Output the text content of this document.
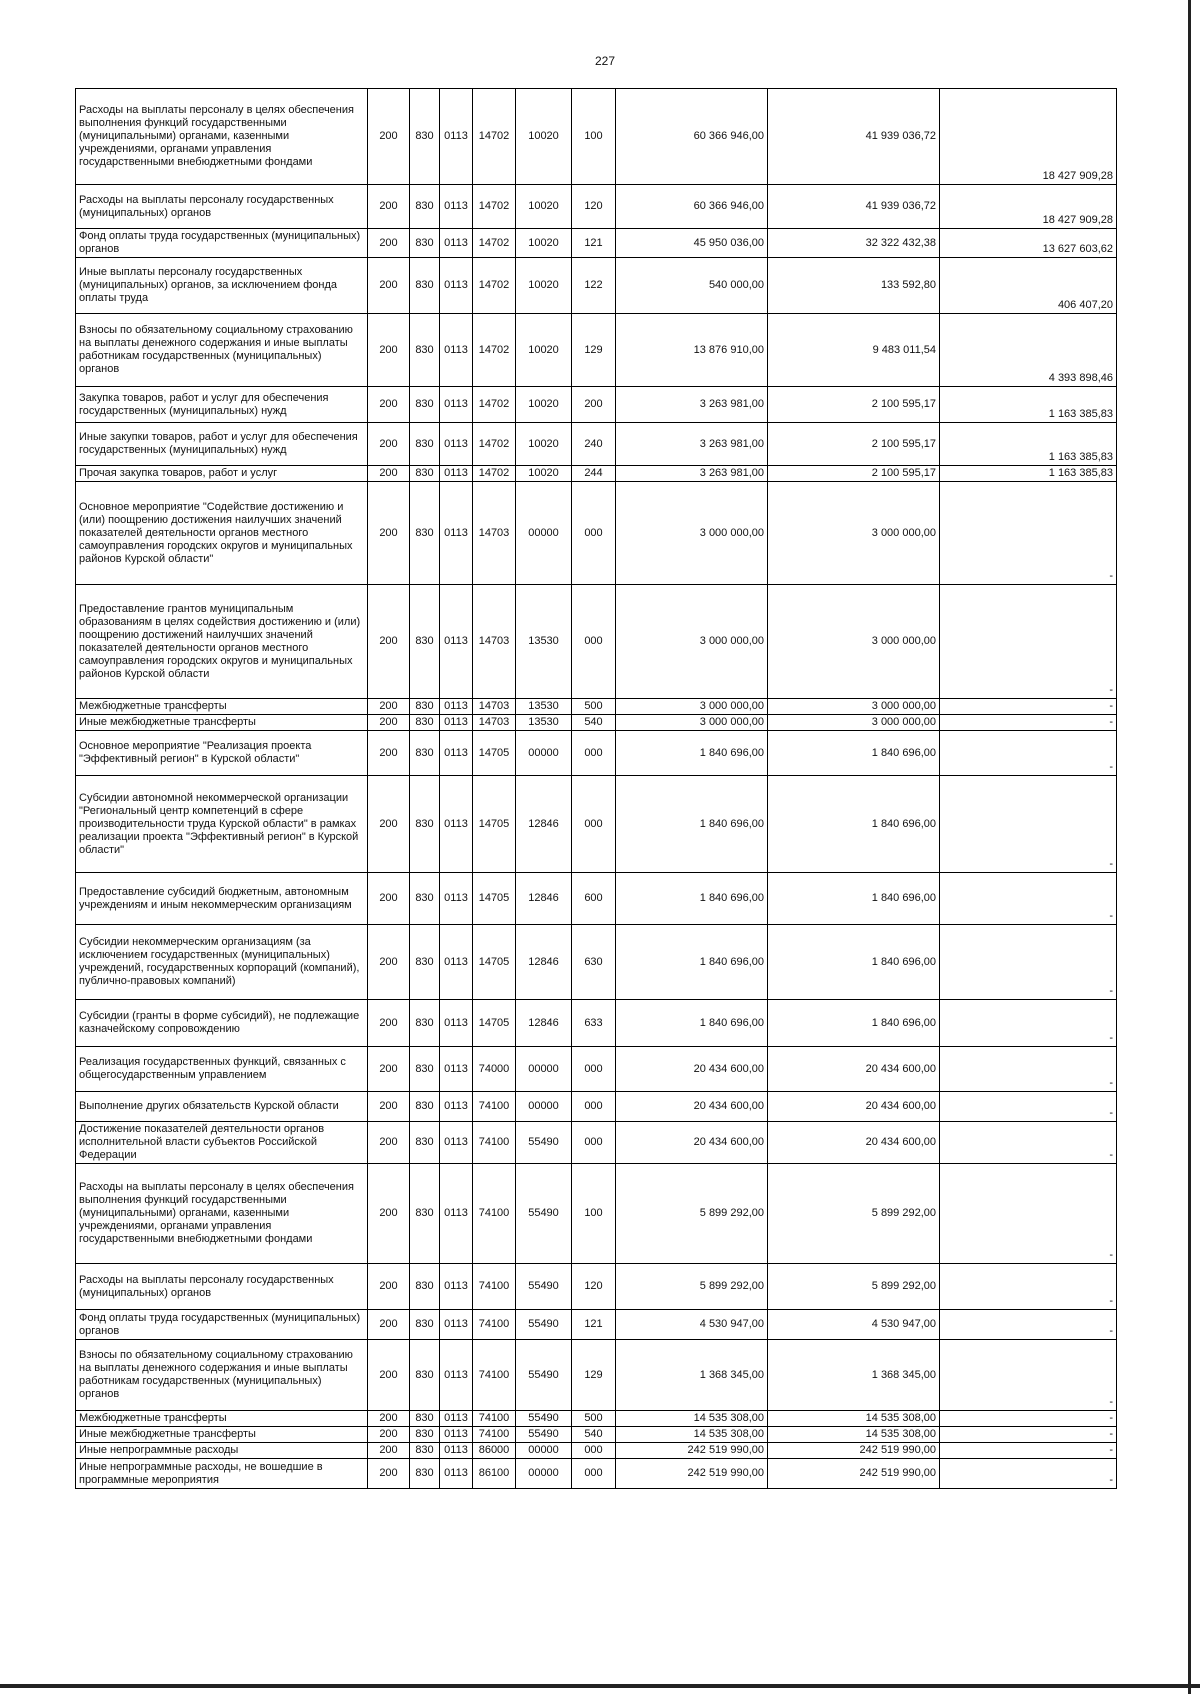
227
Расходы на выплаты персоналу в целях обеспечения выполнения функций государственными (муниципальными) органами, казенными учреждениями, органами управления государственными внебюджетными фондами	200	830	0113	14702	10020	100	60 366 946,00	41 939 036,72	18 427 909,28
Расходы на выплаты персоналу государственных (муниципальных) органов	200	830	0113	14702	10020	120	60 366 946,00	41 939 036,72	18 427 909,28
Фонд оплаты труда государственных (муниципальных) органов	200	830	0113	14702	10020	121	45 950 036,00	32 322 432,38	13 627 603,62
Иные выплаты персоналу государственных (муниципальных) органов, за исключением фонда оплаты труда	200	830	0113	14702	10020	122	540 000,00	133 592,80	406 407,20
Взносы по обязательному социальному страхованию на выплаты денежного содержания и иные выплаты работникам государственных (муниципальных) органов	200	830	0113	14702	10020	129	13 876 910,00	9 483 011,54	4 393 898,46
Закупка товаров, работ и услуг для обеспечения государственных (муниципальных) нужд	200	830	0113	14702	10020	200	3 263 981,00	2 100 595,17	1 163 385,83
Иные закупки товаров, работ и услуг для обеспечения государственных (муниципальных) нужд	200	830	0113	14702	10020	240	3 263 981,00	2 100 595,17	1 163 385,83
Прочая закупка товаров, работ и услуг	200	830	0113	14702	10020	244	3 263 981,00	2 100 595,17	1 163 385,83
Основное мероприятие "Содействие достижению и (или) поощрению достижения наилучших значений показателей деятельности органов местного самоуправления городских округов и муниципальных районов Курской области"	200	830	0113	14703	00000	000	3 000 000,00	3 000 000,00	-
Предоставление грантов муниципальным образованиям в целях содействия достижению и (или) поощрению достижений наилучших значений показателей деятельности органов местного самоуправления городских округов и муниципальных районов Курской области	200	830	0113	14703	13530	000	3 000 000,00	3 000 000,00	-
Межбюджетные трансферты	200	830	0113	14703	13530	500	3 000 000,00	3 000 000,00	-
Иные межбюджетные трансферты	200	830	0113	14703	13530	540	3 000 000,00	3 000 000,00	-
Основное мероприятие "Реализация проекта "Эффективный регион" в Курской области"	200	830	0113	14705	00000	000	1 840 696,00	1 840 696,00	-
Субсидии автономной некоммерческой организации "Региональный центр компетенций в сфере производительности труда Курской области" в рамках реализации проекта "Эффективный регион" в Курской области"	200	830	0113	14705	12846	000	1 840 696,00	1 840 696,00	-
Предоставление субсидий бюджетным, автономным учреждениям и иным некоммерческим организациям	200	830	0113	14705	12846	600	1 840 696,00	1 840 696,00	-
Субсидии некоммерческим организациям (за исключением государственных (муниципальных) учреждений, государственных корпораций (компаний), публично-правовых компаний)	200	830	0113	14705	12846	630	1 840 696,00	1 840 696,00	-
Субсидии (гранты в форме субсидий), не подлежащие казначейскому сопровождению	200	830	0113	14705	12846	633	1 840 696,00	1 840 696,00	-
Реализация государственных функций, связанных с общегосударственным управлением	200	830	0113	74000	00000	000	20 434 600,00	20 434 600,00	-
Выполнение других обязательств Курской области	200	830	0113	74100	00000	000	20 434 600,00	20 434 600,00	-
Достижение показателей деятельности органов исполнительной власти субъектов Российской Федерации	200	830	0113	74100	55490	000	20 434 600,00	20 434 600,00	-
Расходы на выплаты персоналу в целях обеспечения выполнения функций государственными (муниципальными) органами, казенными учреждениями, органами управления государственными внебюджетными фондами	200	830	0113	74100	55490	100	5 899 292,00	5 899 292,00	-
Расходы на выплаты персоналу государственных (муниципальных) органов	200	830	0113	74100	55490	120	5 899 292,00	5 899 292,00	-
Фонд оплаты труда государственных (муниципальных) органов	200	830	0113	74100	55490	121	4 530 947,00	4 530 947,00	-
Взносы по обязательному социальному страхованию на выплаты денежного содержания и иные выплаты работникам государственных (муниципальных) органов	200	830	0113	74100	55490	129	1 368 345,00	1 368 345,00	-
Межбюджетные трансферты	200	830	0113	74100	55490	500	14 535 308,00	14 535 308,00	-
Иные межбюджетные трансферты	200	830	0113	74100	55490	540	14 535 308,00	14 535 308,00	-
Иные непрограммные расходы	200	830	0113	86000	00000	000	242 519 990,00	242 519 990,00	-
Иные непрограммные расходы, не вошедшие в программные мероприятия	200	830	0113	86100	00000	000	242 519 990,00	242 519 990,00	-
